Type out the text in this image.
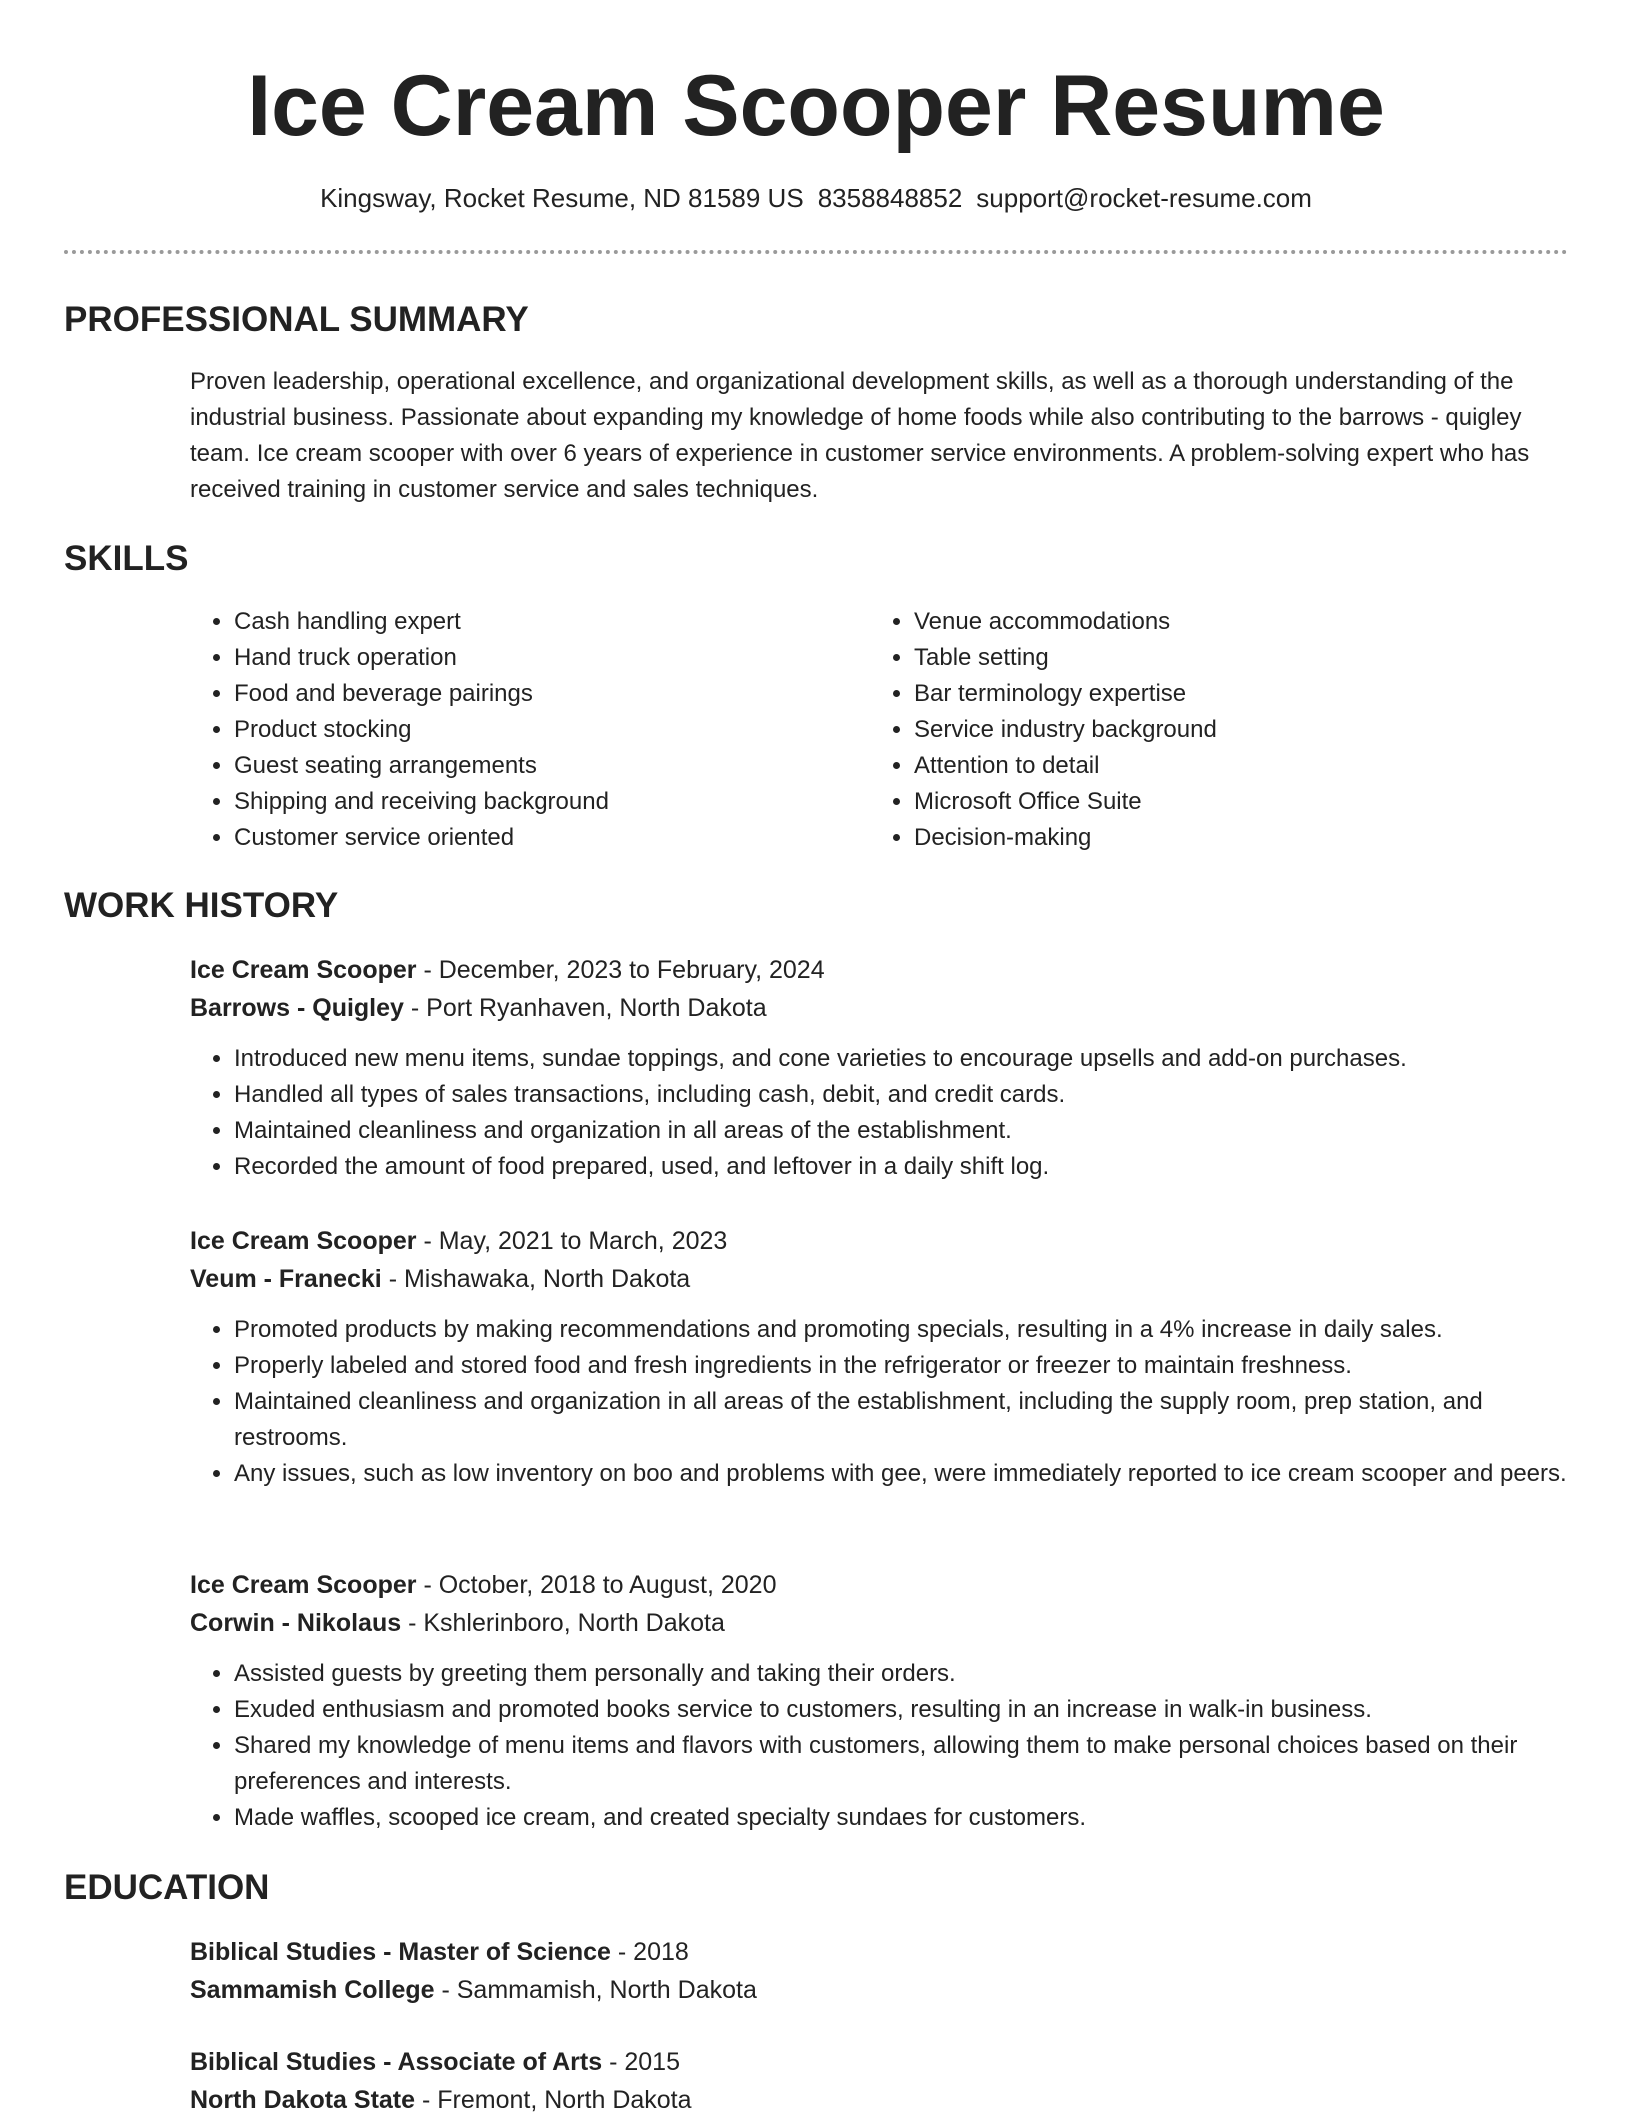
Ice Cream Scooper Resume
Kingsway, Rocket Resume, ND 81589 US 8358848852 support@rocket-resume.com
PROFESSIONAL SUMMARY

Proven leadership, operational excellence, and organizational development skills, as well as a thorough understanding of the industrial business. Passionate about expanding my knowledge of home foods while also contributing to the barrows - quigley team. Ice cream scooper with over 6 years of experience in customer service environments. A problem-solving expert who has received training in customer service and sales techniques.

SKILLS
• Cash handling expert
• Hand truck operation
• Food and beverage pairings
• Product stocking
• Guest seating arrangements
• Shipping and receiving background
• Customer service oriented
• Venue accommodations
• Table setting
• Bar terminology expertise
• Service industry background
• Attention to detail
• Microsoft Office Suite
• Decision-making
WORK HISTORY

Ice Cream Scooper - December, 2023 to February, 2024

Barrows - Quigley - Port Ryanhaven, North Dakota

• Introduced new menu items, sundae toppings, and cone varieties to encourage upsells and add-on purchases.
• Handled all types of sales transactions, including cash, debit, and credit cards.
• Maintained cleanliness and organization in all areas of the establishment.
• Recorded the amount of food prepared, used, and leftover in a daily shift log.

Ice Cream Scooper - May, 2021 to March, 2023

Veum - Franecki - Mishawaka, North Dakota

• Promoted products by making recommendations and promoting specials, resulting in a 4% increase in daily sales.
• Properly labeled and stored food and fresh ingredients in the refrigerator or freezer to maintain freshness.
• Maintained cleanliness and organization in all areas of the establishment, including the supply room, prep station, and restrooms.
• Any issues, such as low inventory on boo and problems with gee, were immediately reported to ice cream scooper and peers.

Ice Cream Scooper - October, 2018 to August, 2020

Corwin - Nikolaus - Kshlerinboro, North Dakota

• Assisted guests by greeting them personally and taking their orders.
• Exuded enthusiasm and promoted books service to customers, resulting in an increase in walk-in business.
• Shared my knowledge of menu items and flavors with customers, allowing them to make personal choices based on their preferences and interests.
• Made waffles, scooped ice cream, and created specialty sundaes for customers.
EDUCATION

Biblical Studies - Master of Science - 2018

Sammamish College - Sammamish, North Dakota

Biblical Studies - Associate of Arts - 2015

North Dakota State - Fremont, North Dakota
